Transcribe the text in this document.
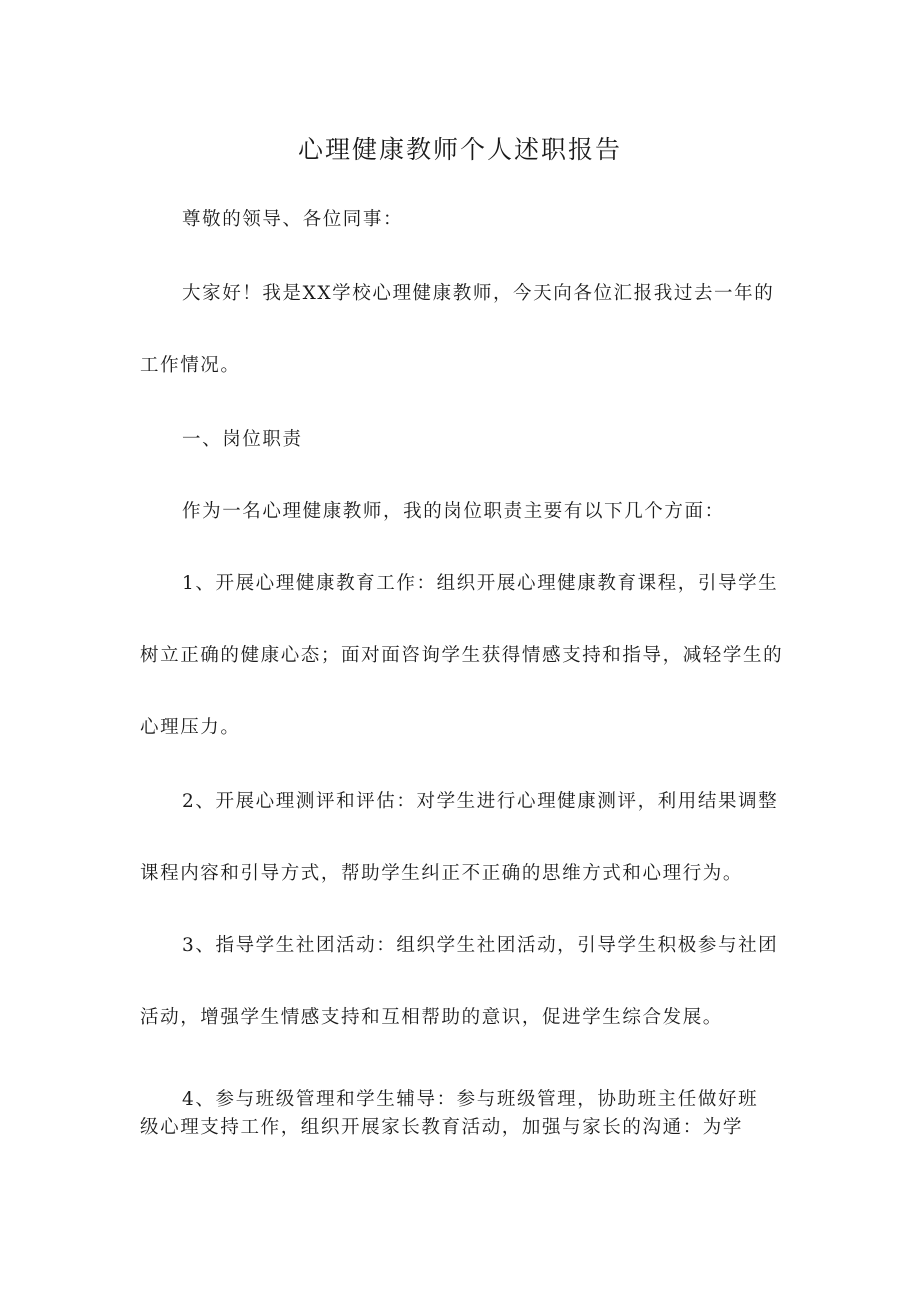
心理健康教师个人述职报告
尊敬的领导、各位同事：
大家好！我是XX学校心理健康教师，今天向各位汇报我过去一年的
工作情况。
一、岗位职责
作为一名心理健康教师，我的岗位职责主要有以下几个方面：
1、开展心理健康教育工作：组织开展心理健康教育课程，引导学生
树立正确的健康心态；面对面咨询学生获得情感支持和指导，减轻学生的
心理压力。
2、开展心理测评和评估：对学生进行心理健康测评，利用结果调整
课程内容和引导方式，帮助学生纠正不正确的思维方式和心理行为。
3、指导学生社团活动：组织学生社团活动，引导学生积极参与社团
活动，增强学生情感支持和互相帮助的意识，促进学生综合发展。
4、参与班级管理和学生辅导：参与班级管理，协助班主任做好班
级心理支持工作，组织开展家长教育活动，加强与家长的沟通：为学
